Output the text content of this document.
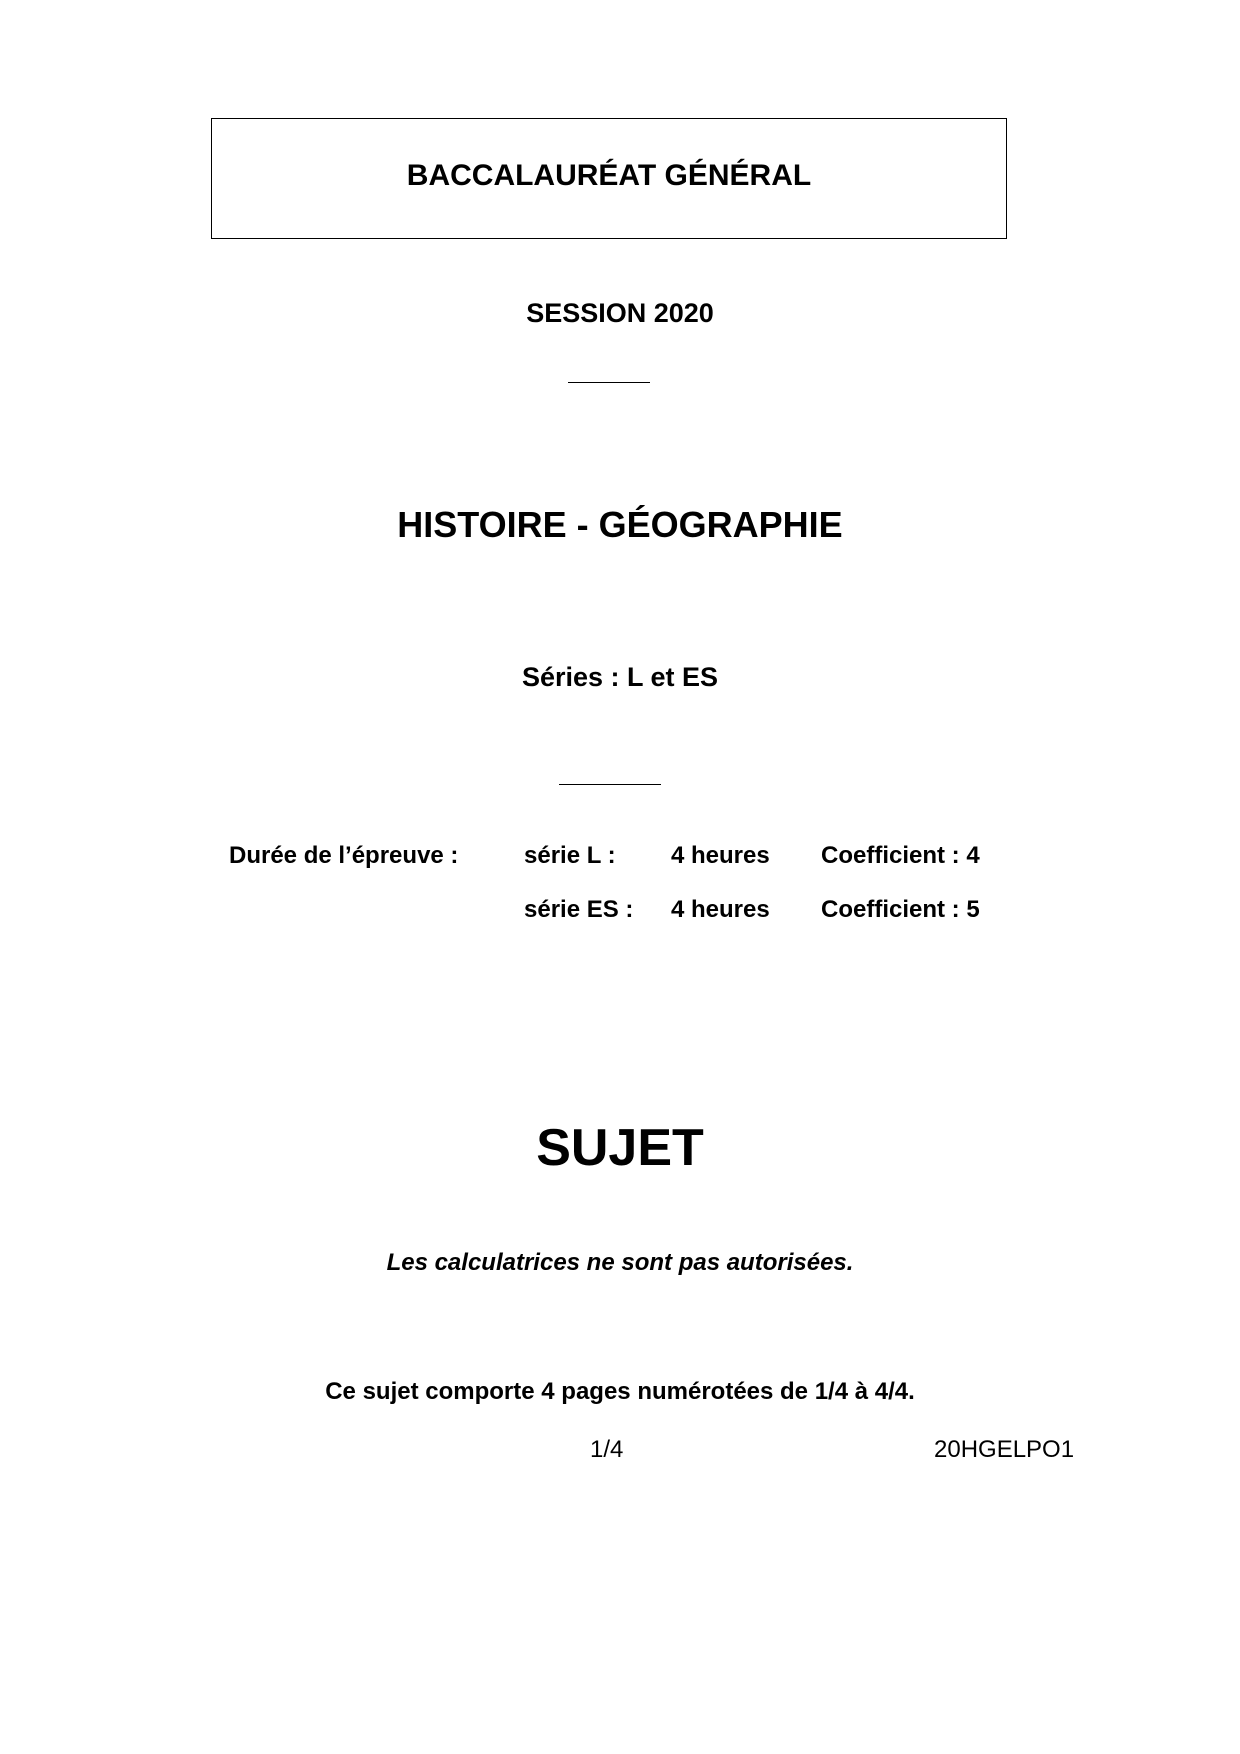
BACCALAURÉAT GÉNÉRAL
SESSION 2020
HISTOIRE - GÉOGRAPHIE
Séries : L et ES
Durée de l’épreuve :	série L : 4 heures Coefficient : 4
série ES : 4 heures Coefficient : 5
SUJET
Les calculatrices ne sont pas autorisées.
Ce sujet comporte 4 pages numérotées de 1/4 à 4/4.
1/4	20HGELPO1
